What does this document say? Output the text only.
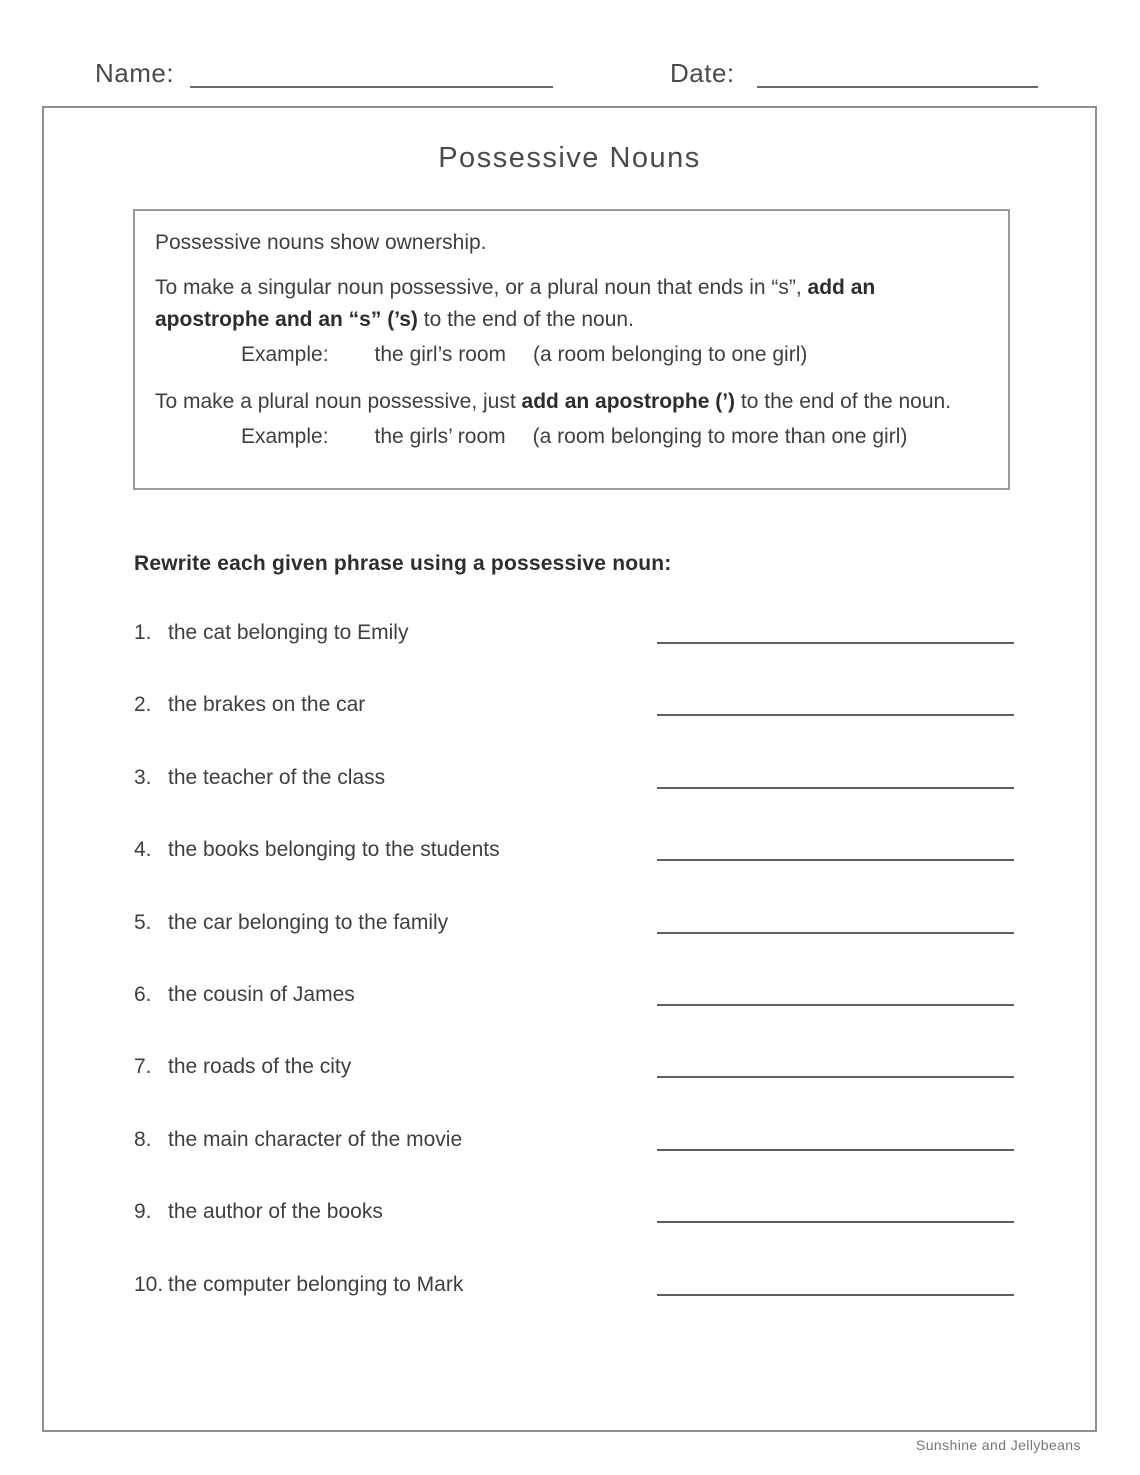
Name:	Date:
Possessive Nouns

Possessive nouns show ownership.

To make a singular noun possessive, or a plural noun that ends in “s”, add an apostrophe and an “s” (’s) to the end of the noun.

Example: the girl’s room (a room belonging to one girl)

To make a plural noun possessive, just add an apostrophe (’) to the end of the noun.

Example: the girls’ room (a room belonging to more than one girl)

Rewrite each given phrase using a possessive noun:
1. the cat belonging to Emily
2. the brakes on the car
3. the teacher of the class
4. the books belonging to the students
5. the car belonging to the family
6. the cousin of James
7. the roads of the city
8. the main character of the movie
9. the author of the books
10. the computer belonging to Mark
Sunshine and Jellybeans
